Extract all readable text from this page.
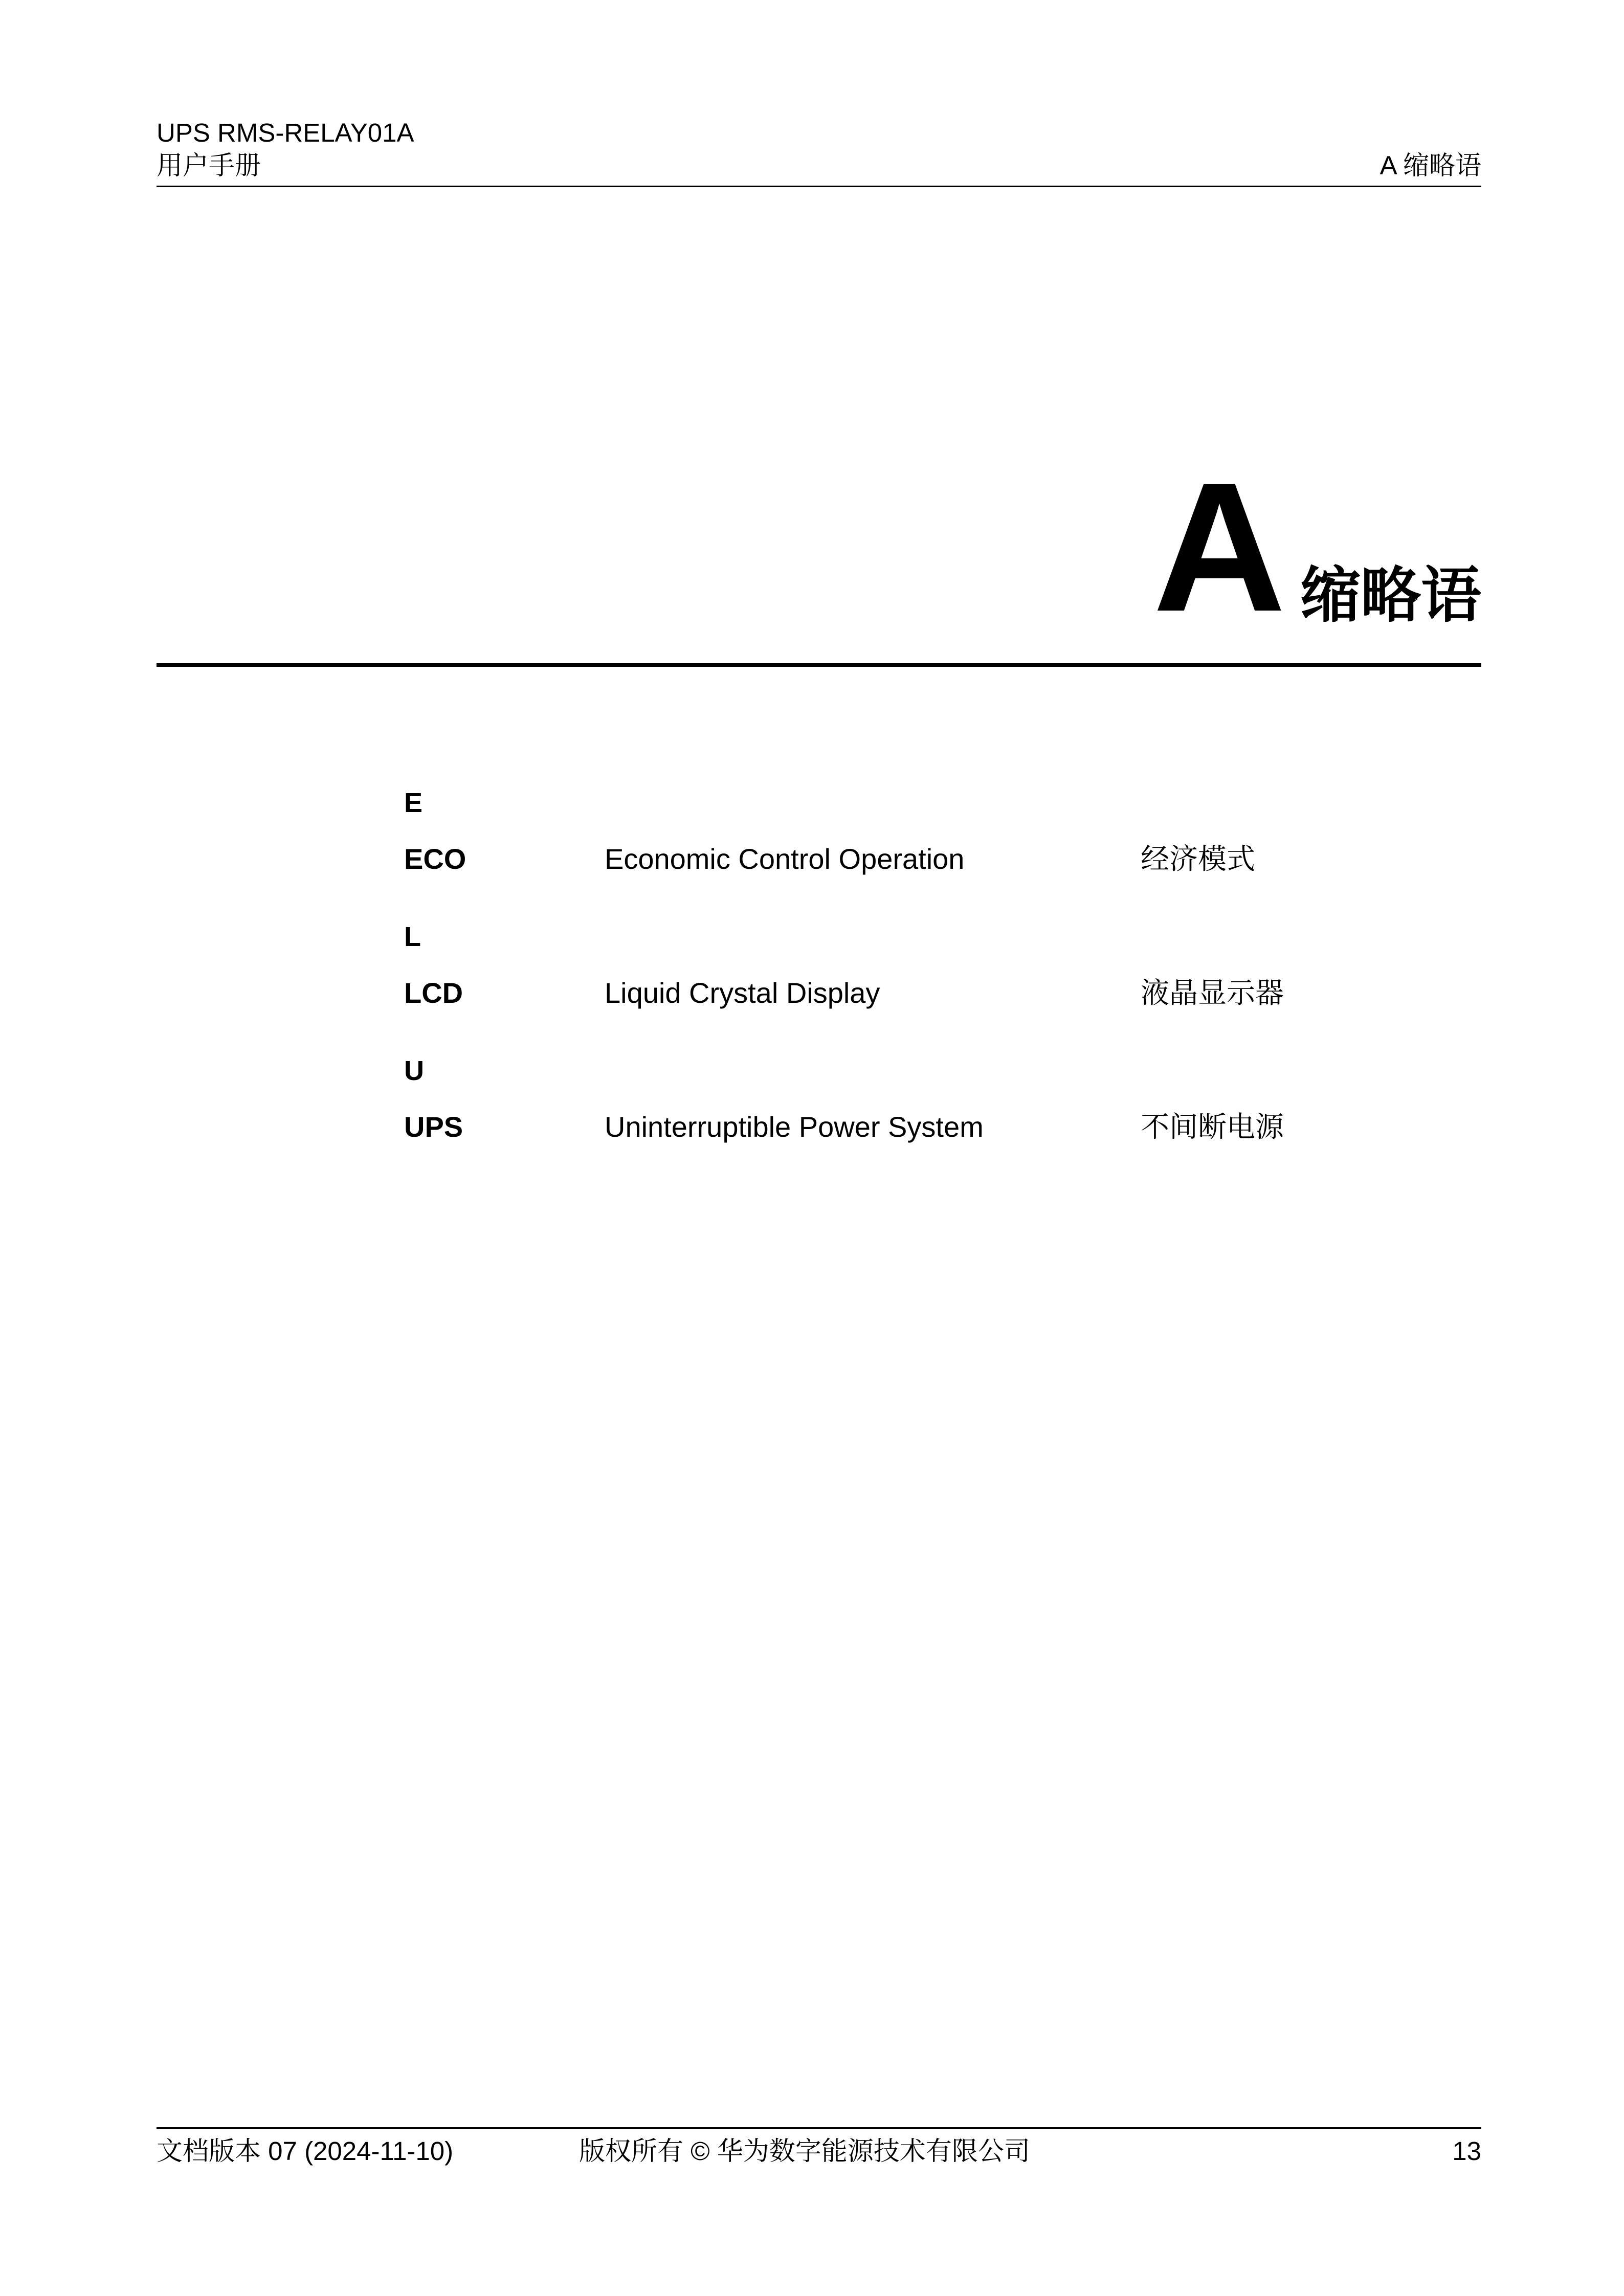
UPS RMS-RELAY01A
用户手册	A 缩略语
A 缩略语
E
ECO	Economic Control Operation	经济模式
L
LCD	Liquid Crystal Display	液晶显示器
U
UPS	Uninterruptible Power System	不间断电源
文档版本 07 (2024-11-10)	版权所有 © 华为数字能源技术有限公司	13
